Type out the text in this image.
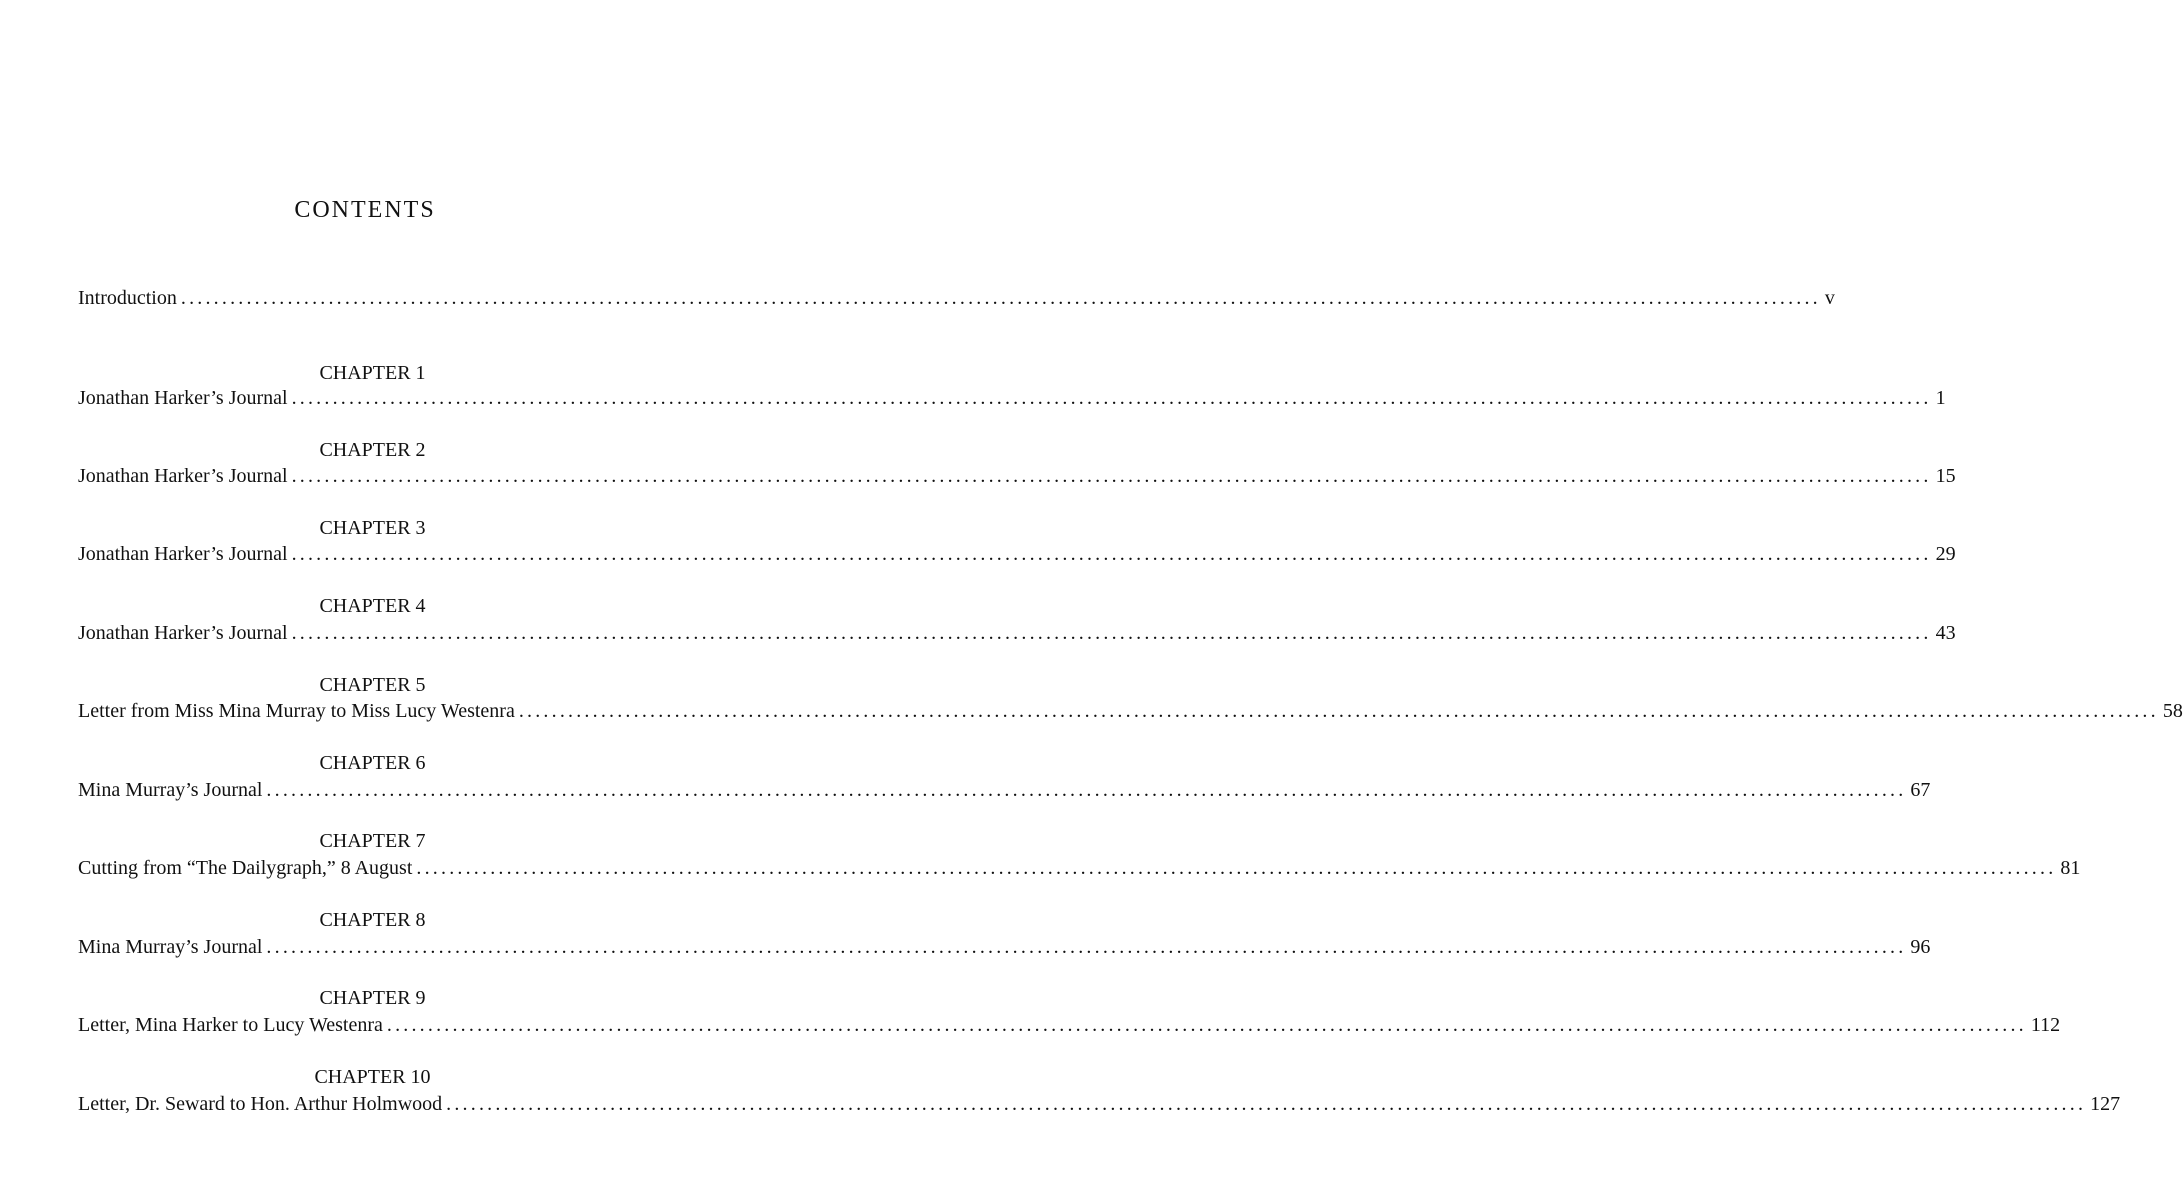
CONTENTS
Introduction ........................................................................................................................................................................................................ v
CHAPTER 1
Jonathan Harker’s Journal ........................................................................................................................................................................................................ 1
CHAPTER 2
Jonathan Harker’s Journal ........................................................................................................................................................................................................ 15
CHAPTER 3
Jonathan Harker’s Journal ........................................................................................................................................................................................................ 29
CHAPTER 4
Jonathan Harker’s Journal ........................................................................................................................................................................................................ 43
CHAPTER 5
Letter from Miss Mina Murray to Miss Lucy Westenra ........................................................................................................................................................................................................ 58
CHAPTER 6
Mina Murray’s Journal ........................................................................................................................................................................................................ 67
CHAPTER 7
Cutting from “The Dailygraph,” 8 August ........................................................................................................................................................................................................ 81
CHAPTER 8
Mina Murray’s Journal ........................................................................................................................................................................................................ 96
CHAPTER 9
Letter, Mina Harker to Lucy Westenra ........................................................................................................................................................................................................ 112
CHAPTER 10
Letter, Dr. Seward to Hon. Arthur Holmwood ........................................................................................................................................................................................................ 127
